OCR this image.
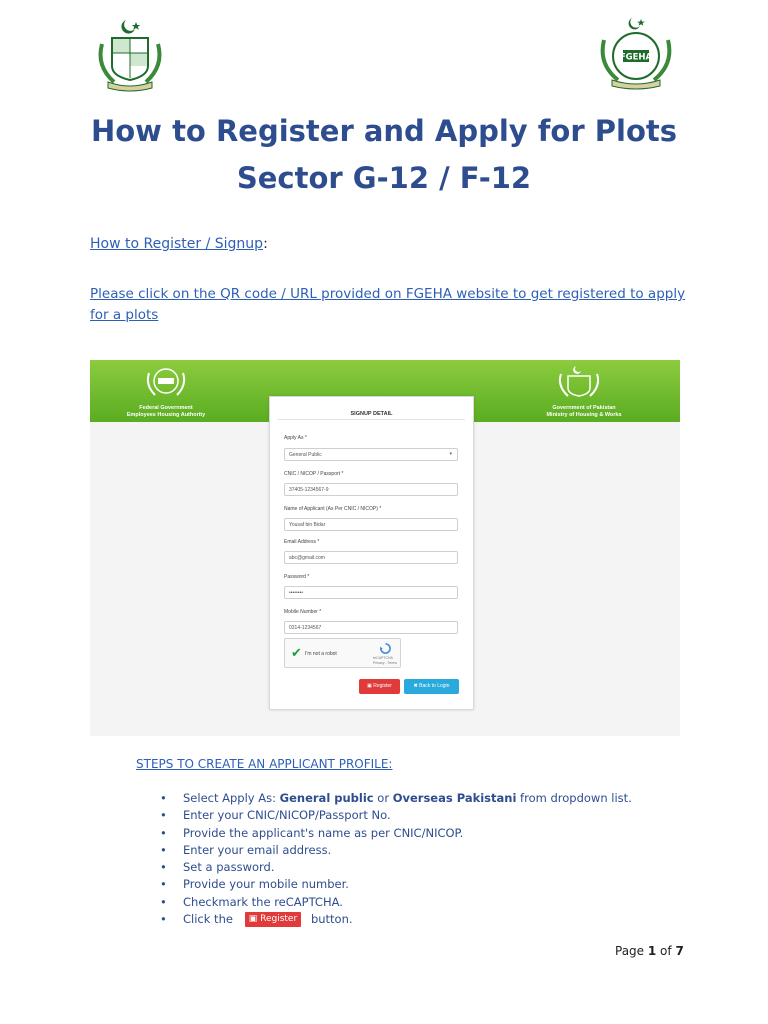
FGEHA
How to Register and Apply for Plots
Sector G-12 / F-12
How to Register / Signup:
Please click on the QR code / URL provided on FGEHA website to get registered to apply
for a plots
Federal Government
Employees Housing Authority
Government of Pakistan
Ministry of Housing & Works
SIGNUP DETAIL
Apply As *
General Public	▾
CNIC / NICOP / Passport *
37405-1234567-9
Name of Applicant (As Per CNIC / NICOP) *
Yousaf bin Bidar
Email Address *
abc@gmail.com
Password *
••••••••
Mobile Number *
0314-1234567
✔ I'm not a robot
reCAPTCHA
Privacy - Terms
▣ Register	✖ Back to Login
STEPS TO CREATE AN APPLICANT PROFILE:
• Select Apply As: General public or Overseas Pakistani from dropdown list.
• Enter your CNIC/NICOP/Passport No.
• Provide the applicant's name as per CNIC/NICOP.
• Enter your email address.
• Set a password.
• Provide your mobile number.
• Checkmark the reCAPTCHA.
• Click the ▣ Register button.
Page 1 of 7
